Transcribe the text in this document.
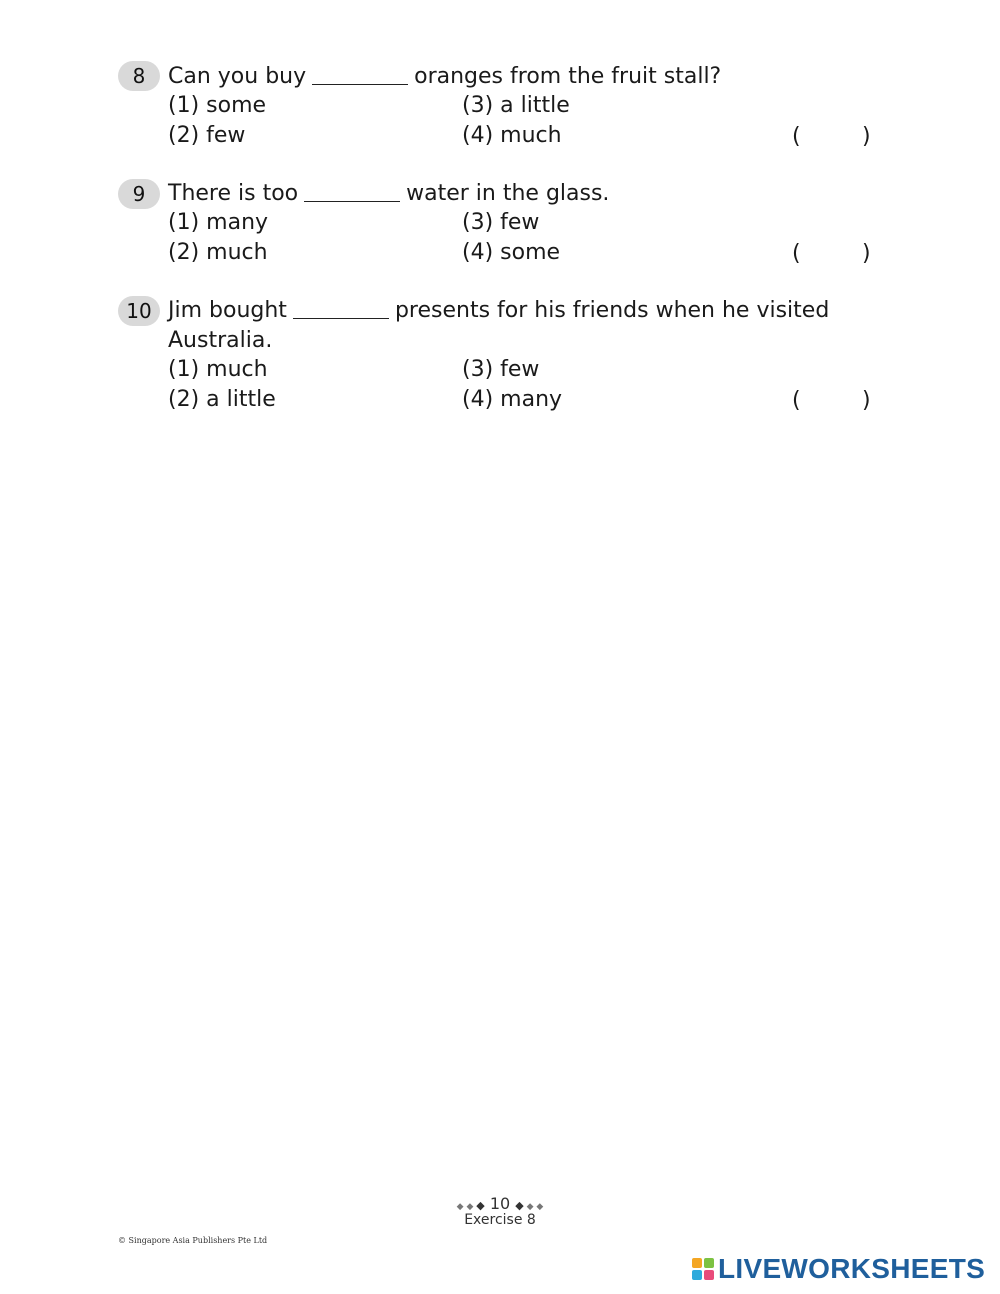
8	Can you buy	oranges from the fruit stall?
(1) some	(3) a little
(2) few	(4) much	(	)
9	There is too	water in the glass.
(1) many	(3) few
(2) much	(4) some	(	)
10 Jim bought	presents for his friends when he visited
Australia.
(1) much	(3) few
(2) a little	(4) many	(	)
◆ ◆ ◆ 10 ◆ ◆ ◆
Exercise 8
© Singapore Asia Publishers Pte Ltd
LIVEWORKSHEETS
